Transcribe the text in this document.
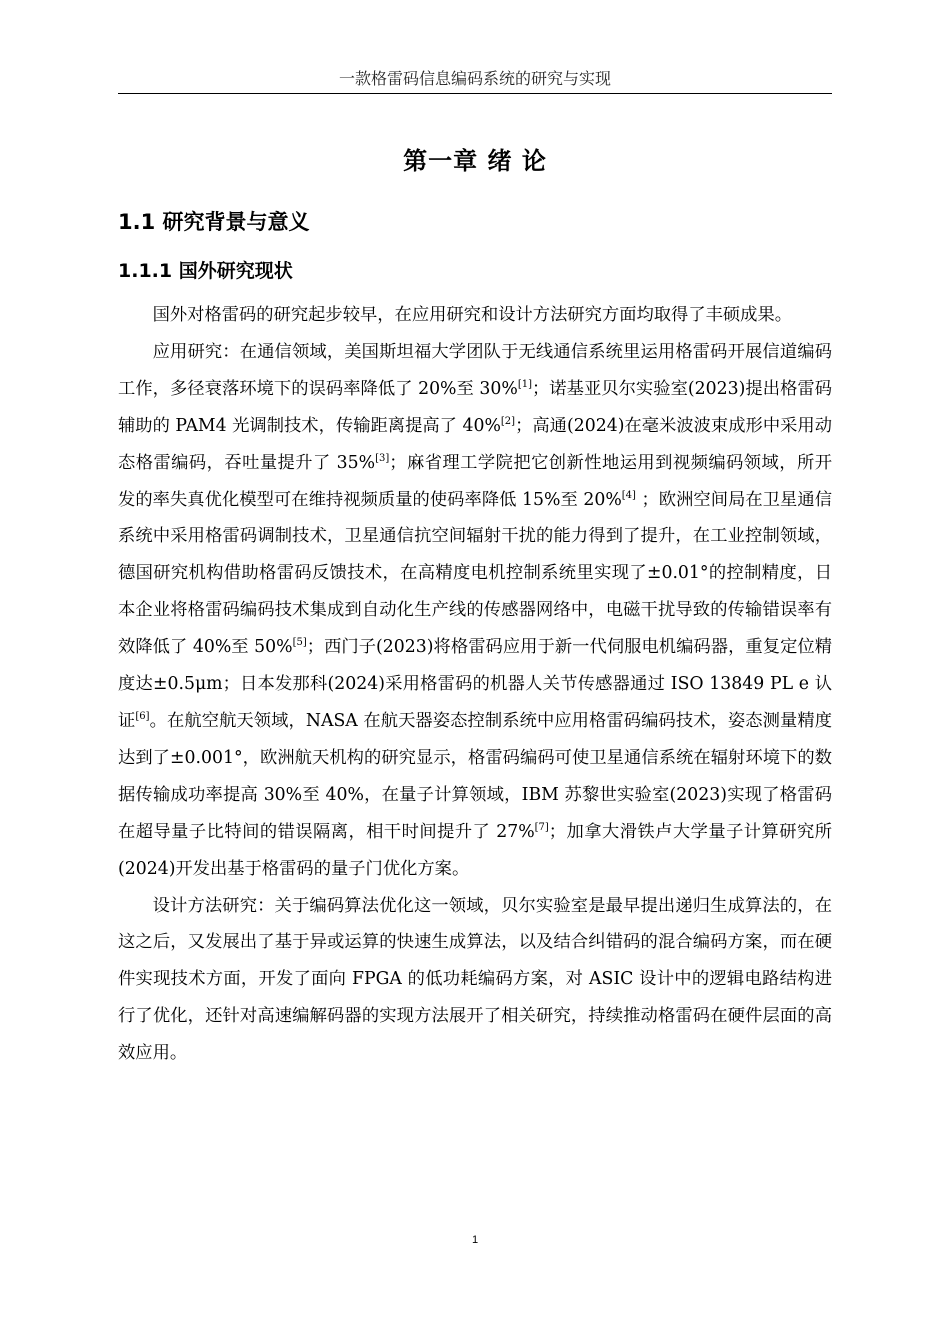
一款格雷码信息编码系统的研究与实现
第一章 绪 论
1.1 研究背景与意义
1.1.1 国外研究现状

国外对格雷码的研究起步较早，在应用研究和设计方法研究方面均取得了丰硕成果。

应用研究：在通信领域，美国斯坦福大学团队于无线通信系统里运用格雷码开展信道编码工作，多径衰落环境下的误码率降低了 20%至 30%[1]；诺基亚贝尔实验室(2023)提出格雷码辅助的 PAM4 光调制技术，传输距离提高了 40%[2]；高通(2024)在毫米波波束成形中采用动态格雷编码，吞吐量提升了 35%[3]；麻省理工学院把它创新性地运用到视频编码领域，所开发的率失真优化模型可在维持视频质量的使码率降低 15%至 20%[4] ；欧洲空间局在卫星通信系统中采用格雷码调制技术，卫星通信抗空间辐射干扰的能力得到了提升，在工业控制领域，德国研究机构借助格雷码反馈技术，在高精度电机控制系统里实现了±0.01°的控制精度，日本企业将格雷码编码技术集成到自动化生产线的传感器网络中，电磁干扰导致的传输错误率有效降低了 40%至 50%[5]；西门子(2023)将格雷码应用于新一代伺服电机编码器，重复定位精度达±0.5μm；日本发那科(2024)采用格雷码的机器人关节传感器通过 ISO 13849 PL e 认证[6]。在航空航天领域，NASA 在航天器姿态控制系统中应用格雷码编码技术，姿态测量精度达到了±0.001°，欧洲航天机构的研究显示，格雷码编码可使卫星通信系统在辐射环境下的数据传输成功率提高 30%至 40%，在量子计算领域，IBM 苏黎世实验室(2023)实现了格雷码在超导量子比特间的错误隔离，相干时间提升了 27%[7]；加拿大滑铁卢大学量子计算研究所(2024)开发出基于格雷码的量子门优化方案。

设计方法研究：关于编码算法优化这一领域，贝尔实验室是最早提出递归生成算法的，在这之后，又发展出了基于异或运算的快速生成算法，以及结合纠错码的混合编码方案，而在硬件实现技术方面，开发了面向 FPGA 的低功耗编码方案，对 ASIC 设计中的逻辑电路结构进行了优化，还针对高速编解码器的实现方法展开了相关研究，持续推动格雷码在硬件层面的高效应用。

1
